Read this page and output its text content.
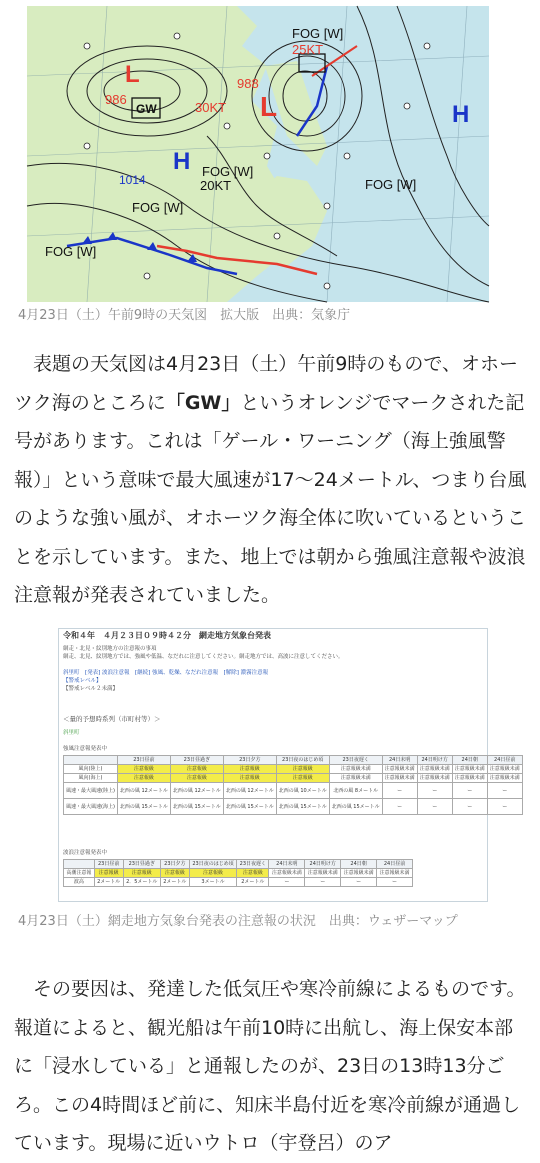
L
L
H
H
986
988
1014
GW	30KT
25KT
20KT
FOG [W]
FOG [W]
FOG [W]
FOG [W]
FOG [W]
4月23日（土）午前9時の天気図　拡大版　出典：気象庁
表題の天気図は4月23日（土）午前9時のもので、オホーツク海のところに「GW」というオレンジでマークされた記号があります。これは「ゲール・ワーニング（海上強風警報）」という意味で最大風速が17〜24メートル、つまり台風のような強い風が、オホーツク海全体に吹いているということを示しています。また、地上では朝から強風注意報や波浪注意報が発表されていました。
令和４年　４月２３日０９時４２分　網走地方気象台発表
網走・北見・紋別地方の注意報の事項
網走、北見、紋別地方では、強風や低温、なだれに注意してください。網走地方では、高波に注意してください。
斜里町　[発表] 波浪注意報　[継続] 強風、乾燥、なだれ注意報　[解除] 濃霧注意報
【警戒レベル】
【警戒レベル２未満】
＜量的予想時系列（市町村等）＞
斜里町
強風注意報発表中
	23日昼前	23日昼過ぎ	23日夕方	23日夜のはじめ頃	23日夜遅く	24日未明	24日明け方	24日朝	24日昼前
風向(陸上)	注意報級	注意報級	注意報級	注意報級	注意報級未満	注意報級未満	注意報級未満	注意報級未満	注意報級未満
風向(海上)	注意報級	注意報級	注意報級	注意報級	注意報級未満	注意報級未満	注意報級未満	注意報級未満	注意報級未満
風速・最大風速(陸上)	北西の風 12メートル	北西の風 12メートル	北西の風 12メートル	北西の風 10メートル	北西の風 8メートル	ー	ー	ー	ー
風速・最大風速(海上)	北西の風 15メートル	北西の風 15メートル	北西の風 15メートル	北西の風 15メートル	北西の風 15メートル	ー	ー	ー	ー
波浪注意報発表中
	23日昼前	23日昼過ぎ	23日夕方	23日夜のはじめ頃	23日夜遅く	24日未明	24日明け方	24日朝	24日昼前
高潮注意報	注意報級	注意報級	注意報級	注意報級	注意報級	注意報級未満	注意報級未満	注意報級未満	注意報級未満
波高	2メートル	2．5メートル	2メートル	3メートル	2メートル	ー	ー	ー	ー
4月23日（土）網走地方気象台発表の注意報の状況　出典：ウェザーマップ
その要因は、発達した低気圧や寒冷前線によるものです。報道によると、観光船は午前10時に出航し、海上保安本部に「浸水している」と通報したのが、23日の13時13分ごろ。この4時間ほど前に、知床半島付近を寒冷前線が通過しています。現場に近いウトロ（宇登呂）のア
